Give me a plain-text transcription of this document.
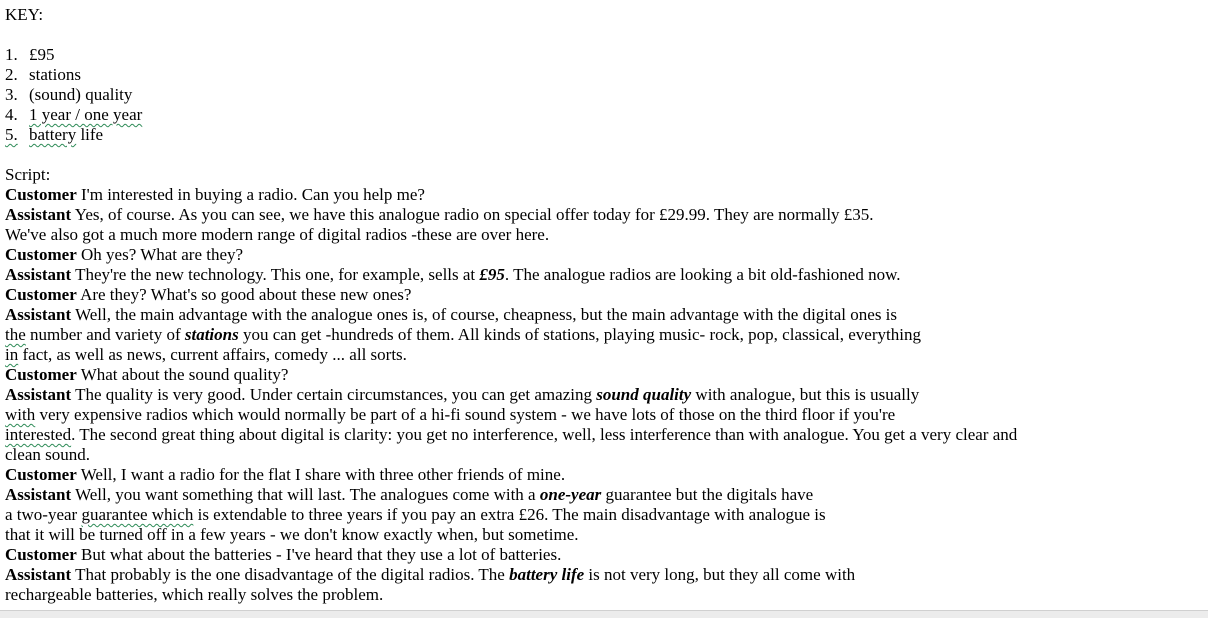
KEY:
1. £95
2. stations
3. (sound) quality
4. 1 year / one year
5. battery life
Script:
Customer I'm interested in buying a radio. Can you help me?
Assistant Yes, of course. As you can see, we have this analogue radio on special offer today for £29.99. They are normally £35.
We've also got a much more modern range of digital radios -these are over here.
Customer Oh yes? What are they?
Assistant They're the new technology. This one, for example, sells at £95. The analogue radios are looking a bit old-fashioned now.
Customer Are they? What's so good about these new ones?
Assistant Well, the main advantage with the analogue ones is, of course, cheapness, but the main advantage with the digital ones is
the number and variety of stations you can get -hundreds of them. All kinds of stations, playing music- rock, pop, classical, everything
in fact, as well as news, current affairs, comedy ... all sorts.
Customer What about the sound quality?
Assistant The quality is very good. Under certain circumstances, you can get amazing sound quality with analogue, but this is usually
with very expensive radios which would normally be part of a hi-fi sound system - we have lots of those on the third floor if you're
interested. The second great thing about digital is clarity: you get no interference, well, less interference than with analogue. You get a very clear and
clean sound.
Customer Well, I want a radio for the flat I share with three other friends of mine.
Assistant Well, you want something that will last. The analogues come with a one-year guarantee but the digitals have
a two-year guarantee which is extendable to three years if you pay an extra £26. The main disadvantage with analogue is
that it will be turned off in a few years - we don't know exactly when, but sometime.
Customer But what about the batteries - I've heard that they use a lot of batteries.
Assistant That probably is the one disadvantage of the digital radios. The battery life is not very long, but they all come with
rechargeable batteries, which really solves the problem.
